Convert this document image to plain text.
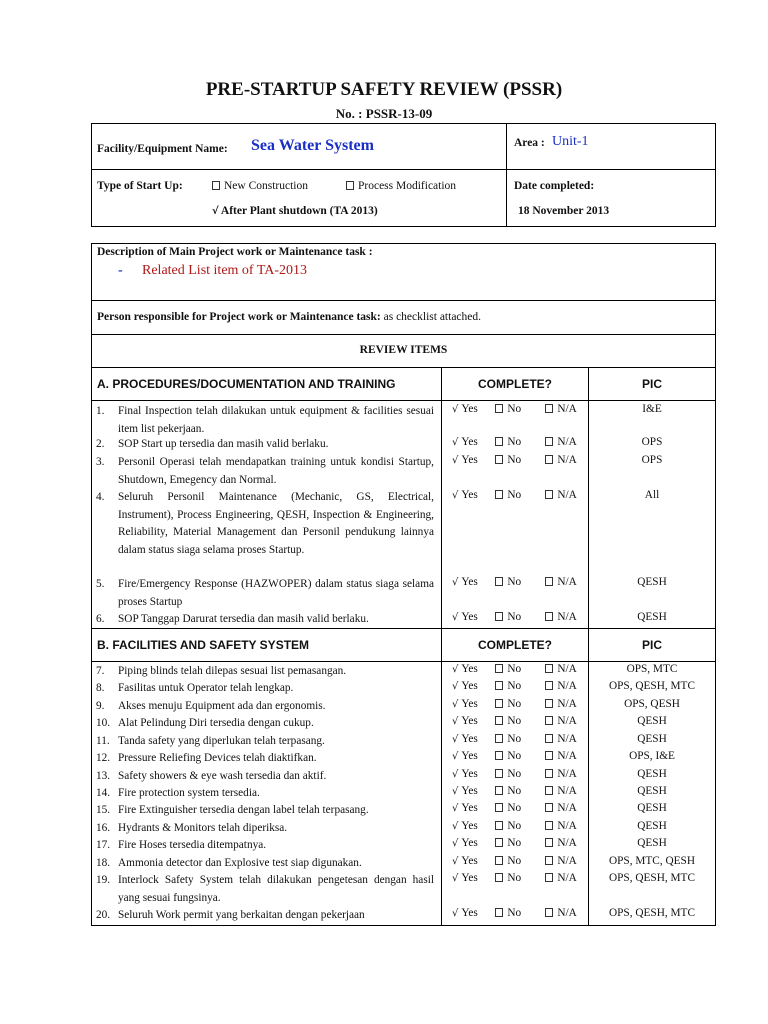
PRE-STARTUP SAFETY REVIEW (PSSR)
No. : PSSR-13-09
Facility/Equipment Name: Sea Water System	Area : Unit-1
Type of Start Up:	New Construction	Process Modification
√ After Plant shutdown (TA 2013)
Date completed:
18 November 2013
Description of Main Project work or Maintenance task :
- Related List item of TA-2013
Person responsible for Project work or Maintenance task: as checklist attached.
REVIEW ITEMS
A. PROCEDURES/DOCUMENTATION AND TRAINING	COMPLETE?	PIC
1. Final Inspection telah dilakukan untuk equipment & facilities sesuai item list pekerjaan.
√ Yes	No	N/A	I&E
2. SOP Start up tersedia dan masih valid berlaku.	√ Yes	No	N/A	OPS
3. Personil Operasi telah mendapatkan training untuk kondisi Startup, Shutdown, Emegency dan Normal.
√ Yes	No	N/A	OPS
4. Seluruh Personil Maintenance (Mechanic, GS, Electrical, Instrument), Process Engineering, QESH, Inspection & Engineering, Reliability, Material Management dan Personil pendukung lainnya dalam status siaga selama proses Startup.
√ Yes	No	N/A	All
5. Fire/Emergency Response (HAZWOPER) dalam status siaga selama proses Startup
√ Yes	No	N/A	QESH
6. SOP Tanggap Darurat tersedia dan masih valid berlaku.	√ Yes	No	N/A	QESH
B. FACILITIES AND SAFETY SYSTEM	COMPLETE?	PIC
7. Piping blinds telah dilepas sesuai list pemasangan.	√ Yes	No	N/A	OPS, MTC
8. Fasilitas untuk Operator telah lengkap.	√ Yes	No	N/A	OPS, QESH, MTC
9. Akses menuju Equipment ada dan ergonomis.	√ Yes	No	N/A	OPS, QESH
10. Alat Pelindung Diri tersedia dengan cukup.	√ Yes	No	N/A	QESH
11. Tanda safety yang diperlukan telah terpasang.	√ Yes	No	N/A	QESH
12. Pressure Reliefing Devices telah diaktifkan.	√ Yes	No	N/A	OPS, I&E
13. Safety showers & eye wash tersedia dan aktif.	√ Yes	No	N/A	QESH
14. Fire protection system tersedia.	√ Yes	No	N/A	QESH
15. Fire Extinguisher tersedia dengan label telah terpasang.	√ Yes	No	N/A	QESH
16. Hydrants & Monitors telah diperiksa.	√ Yes	No	N/A	QESH
17. Fire Hoses tersedia ditempatnya.	√ Yes	No	N/A	QESH
18. Ammonia detector dan Explosive test siap digunakan.	√ Yes	No	N/A	OPS, MTC, QESH
19. Interlock Safety System telah dilakukan pengetesan dengan hasil yang sesuai fungsinya.
√ Yes	No	N/A	OPS, QESH, MTC
20. Seluruh Work permit yang berkaitan dengan pekerjaan	√ Yes	No	N/A	OPS, QESH, MTC
